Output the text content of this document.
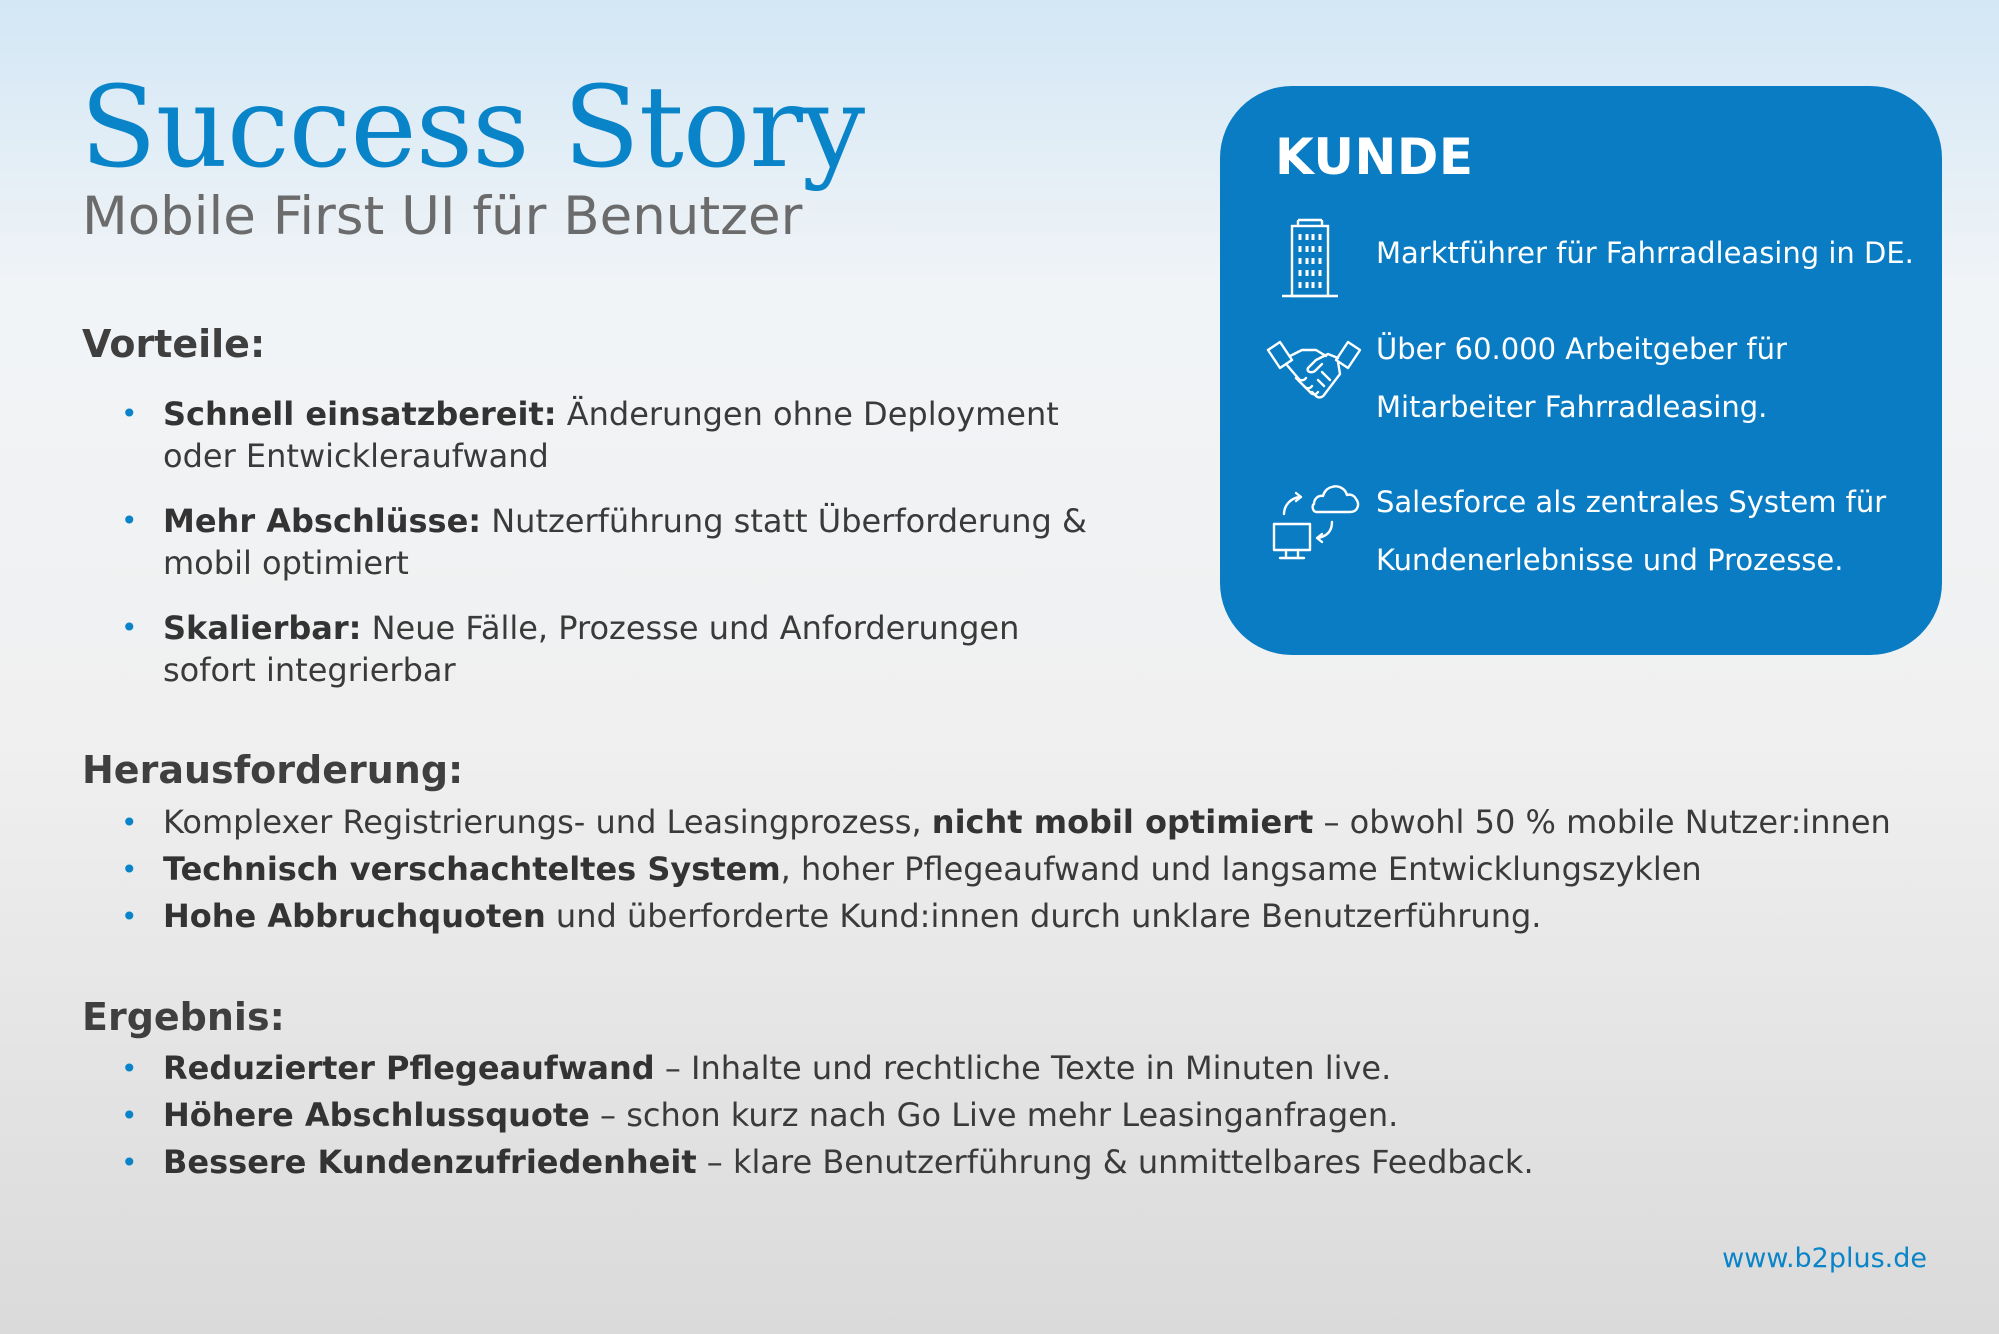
Success Story
Mobile First UI für Benutzer
Vorteile:
• Schnell einsatzbereit: Änderungen ohne Deployment oder Entwickleraufwand
• Mehr Abschlüsse: Nutzerführung statt Überforderung & mobil optimiert
• Skalierbar: Neue Fälle, Prozesse und Anforderungen sofort integrierbar
Herausforderung:
• Komplexer Registrierungs- und Leasingprozess, nicht mobil optimiert – obwohl 50 % mobile Nutzer:innen
• Technisch verschachteltes System, hoher Pflegeaufwand und langsame Entwicklungszyklen
• Hohe Abbruchquoten und überforderte Kund:innen durch unklare Benutzerführung.
Ergebnis:
• Reduzierter Pflegeaufwand – Inhalte und rechtliche Texte in Minuten live.
• Höhere Abschlussquote – schon kurz nach Go Live mehr Leasinganfragen.
• Bessere Kundenzufriedenheit – klare Benutzerführung & unmittelbares Feedback.
KUNDE

Marktführer für Fahrradleasing in DE.

Über 60.000 Arbeitgeber für Mitarbeiter Fahrradleasing.

Salesforce als zentrales System für Kundenerlebnisse und Prozesse.

www.b2plus.de
